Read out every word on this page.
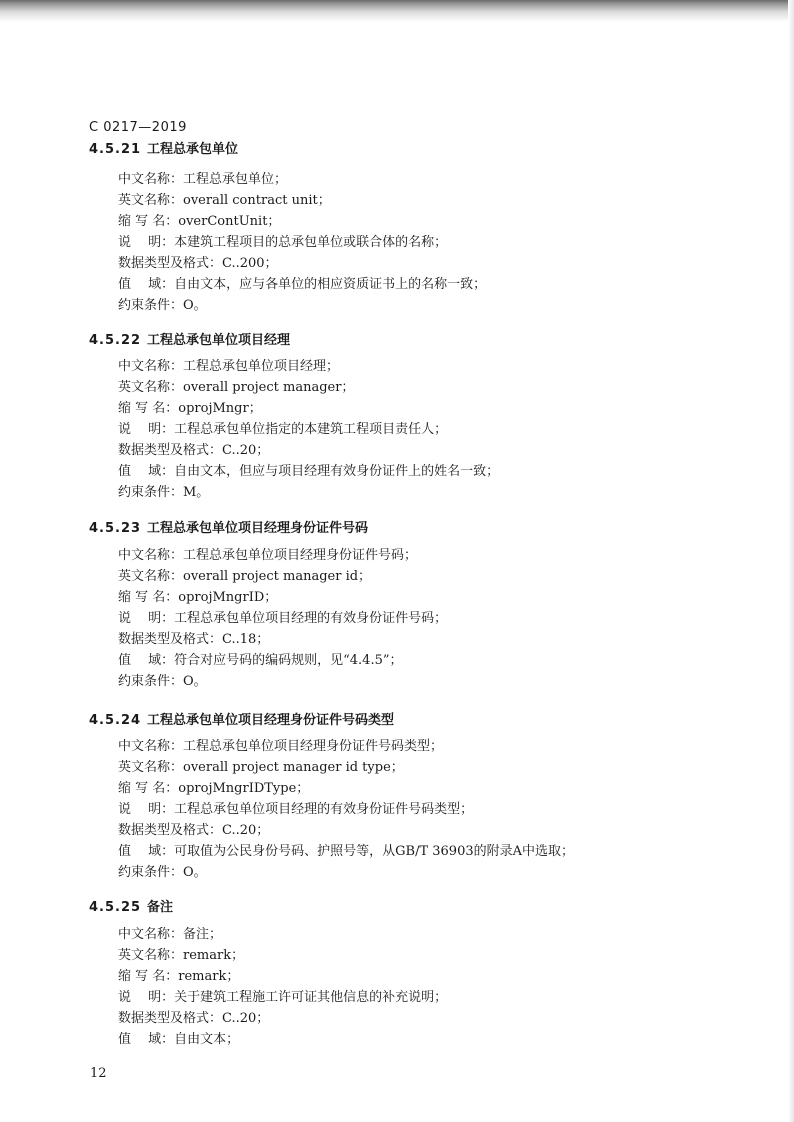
C 0217—2019
4.5.21 工程总承包单位
中文名称：工程总承包单位；
英文名称：overall contract unit；
缩 写 名：overContUnit；
说　 明：本建筑工程项目的总承包单位或联合体的名称；
数据类型及格式：C..200；
值　 域：自由文本，应与各单位的相应资质证书上的名称一致；
约束条件：O。
4.5.22 工程总承包单位项目经理
中文名称：工程总承包单位项目经理；
英文名称：overall project manager；
缩 写 名：oprojMngr；
说　 明：工程总承包单位指定的本建筑工程项目责任人；
数据类型及格式：C..20；
值　 域：自由文本，但应与项目经理有效身份证件上的姓名一致；
约束条件：M。
4.5.23 工程总承包单位项目经理身份证件号码
中文名称：工程总承包单位项目经理身份证件号码；
英文名称：overall project manager id；
缩 写 名：oprojMngrID；
说　 明：工程总承包单位项目经理的有效身份证件号码；
数据类型及格式：C..18；
值　 域：符合对应号码的编码规则，见“4.4.5”；
约束条件：O。
4.5.24 工程总承包单位项目经理身份证件号码类型
中文名称：工程总承包单位项目经理身份证件号码类型；
英文名称：overall project manager id type；
缩 写 名：oprojMngrIDType；
说　 明：工程总承包单位项目经理的有效身份证件号码类型；
数据类型及格式：C..20；
值　 域：可取值为公民身份号码、护照号等，从GB/T 36903的附录A中选取；
约束条件：O。
4.5.25 备注
中文名称：备注；
英文名称：remark；
缩 写 名：remark；
说　 明：关于建筑工程施工许可证其他信息的补充说明；
数据类型及格式：C..20；
值　 域：自由文本；
12
